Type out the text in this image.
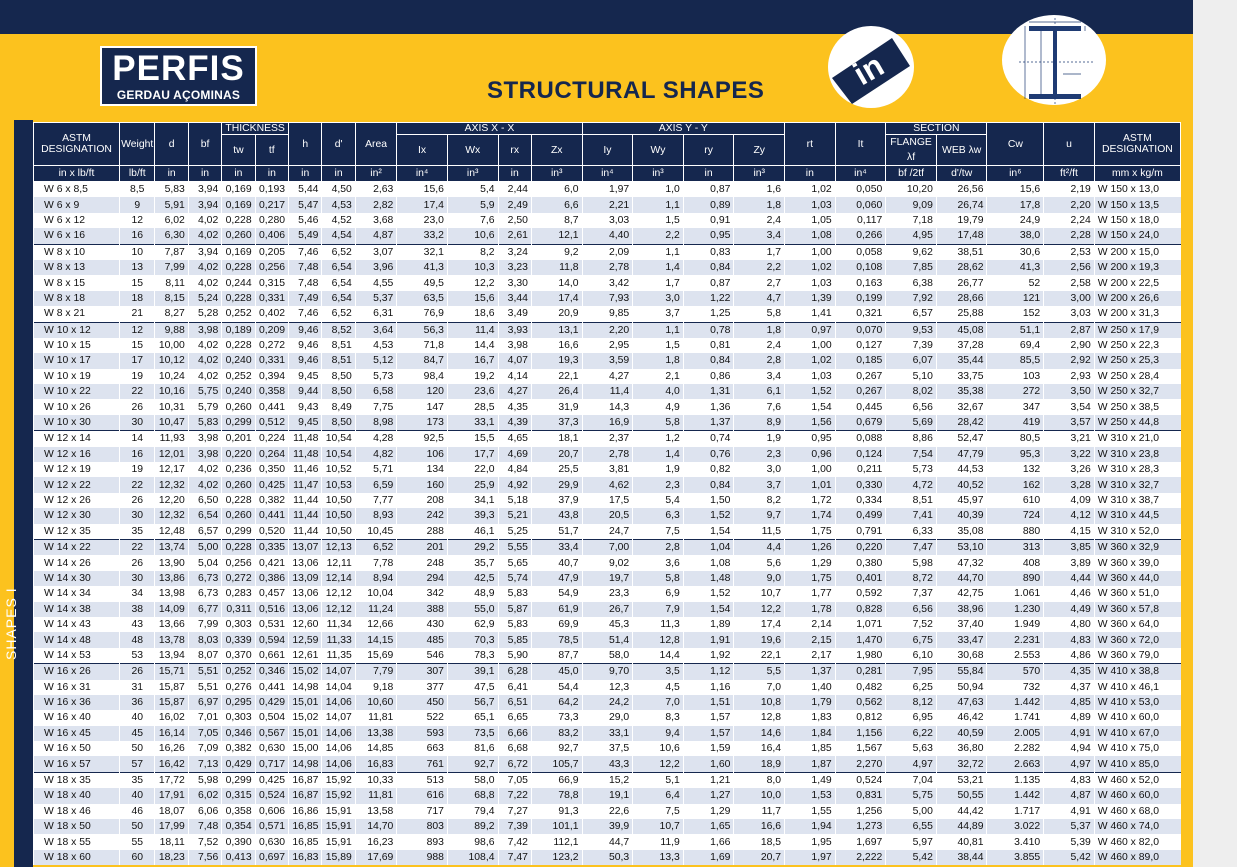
PERFIS
GERDAU AÇOMINAS	STRUCTURAL SHAPES	in
SHAPES I
ASTM
DESIGNATION	Weight	d	bf	THICKNESS		h	d'	Area	AXIS X - X				AXIS Y - Y				rt	It	SECTION		Cw	u	ASTM
DESIGNATION
				tw	tf				Ix	Wx	rx	Zx	Iy	Wy	ry	Zy			FLANGE λf	WEB λw			
in x lb/ft	lb/ft	in	in	in	in	in	in	in²	in⁴	in³	in	in³	in⁴	in³	in	in³	in	in⁴	bf /2tf	d'/tw	in⁶	ft²/ft	mm x kg/m
W 6 x 8,5	8,5	5,83	3,94	0,169	0,193	5,44	4,50	2,63	15,6	5,4	2,44	6,0	1,97	1,0	0,87	1,6	1,02	0,050	10,20	26,56	15,6	2,19	W 150 x 13,0
W 6 x 9	9	5,91	3,94	0,169	0,217	5,47	4,53	2,82	17,4	5,9	2,49	6,6	2,21	1,1	0,89	1,8	1,03	0,060	9,09	26,74	17,8	2,20	W 150 x 13,5
W 6 x 12	12	6,02	4,02	0,228	0,280	5,46	4,52	3,68	23,0	7,6	2,50	8,7	3,03	1,5	0,91	2,4	1,05	0,117	7,18	19,79	24,9	2,24	W 150 x 18,0
W 6 x 16	16	6,30	4,02	0,260	0,406	5,49	4,54	4,87	33,2	10,6	2,61	12,1	4,40	2,2	0,95	3,4	1,08	0,266	4,95	17,48	38,0	2,28	W 150 x 24,0
W 8 x 10	10	7,87	3,94	0,169	0,205	7,46	6,52	3,07	32,1	8,2	3,24	9,2	2,09	1,1	0,83	1,7	1,00	0,058	9,62	38,51	30,6	2,53	W 200 x 15,0
W 8 x 13	13	7,99	4,02	0,228	0,256	7,48	6,54	3,96	41,3	10,3	3,23	11,8	2,78	1,4	0,84	2,2	1,02	0,108	7,85	28,62	41,3	2,56	W 200 x 19,3
W 8 x 15	15	8,11	4,02	0,244	0,315	7,48	6,54	4,55	49,5	12,2	3,30	14,0	3,42	1,7	0,87	2,7	1,03	0,163	6,38	26,77	52	2,58	W 200 x 22,5
W 8 x 18	18	8,15	5,24	0,228	0,331	7,49	6,54	5,37	63,5	15,6	3,44	17,4	7,93	3,0	1,22	4,7	1,39	0,199	7,92	28,66	121	3,00	W 200 x 26,6
W 8 x 21	21	8,27	5,28	0,252	0,402	7,46	6,52	6,31	76,9	18,6	3,49	20,9	9,85	3,7	1,25	5,8	1,41	0,321	6,57	25,88	152	3,03	W 200 x 31,3
W 10 x 12	12	9,88	3,98	0,189	0,209	9,46	8,52	3,64	56,3	11,4	3,93	13,1	2,20	1,1	0,78	1,8	0,97	0,070	9,53	45,08	51,1	2,87	W 250 x 17,9
W 10 x 15	15	10,00	4,02	0,228	0,272	9,46	8,51	4,53	71,8	14,4	3,98	16,6	2,95	1,5	0,81	2,4	1,00	0,127	7,39	37,28	69,4	2,90	W 250 x 22,3
W 10 x 17	17	10,12	4,02	0,240	0,331	9,46	8,51	5,12	84,7	16,7	4,07	19,3	3,59	1,8	0,84	2,8	1,02	0,185	6,07	35,44	85,5	2,92	W 250 x 25,3
W 10 x 19	19	10,24	4,02	0,252	0,394	9,45	8,50	5,73	98,4	19,2	4,14	22,1	4,27	2,1	0,86	3,4	1,03	0,267	5,10	33,75	103	2,93	W 250 x 28,4
W 10 x 22	22	10,16	5,75	0,240	0,358	9,44	8,50	6,58	120	23,6	4,27	26,4	11,4	4,0	1,31	6,1	1,52	0,267	8,02	35,38	272	3,50	W 250 x 32,7
W 10 x 26	26	10,31	5,79	0,260	0,441	9,43	8,49	7,75	147	28,5	4,35	31,9	14,3	4,9	1,36	7,6	1,54	0,445	6,56	32,67	347	3,54	W 250 x 38,5
W 10 x 30	30	10,47	5,83	0,299	0,512	9,45	8,50	8,98	173	33,1	4,39	37,3	16,9	5,8	1,37	8,9	1,56	0,679	5,69	28,42	419	3,57	W 250 x 44,8
W 12 x 14	14	11,93	3,98	0,201	0,224	11,48	10,54	4,28	92,5	15,5	4,65	18,1	2,37	1,2	0,74	1,9	0,95	0,088	8,86	52,47	80,5	3,21	W 310 x 21,0
W 12 x 16	16	12,01	3,98	0,220	0,264	11,48	10,54	4,82	106	17,7	4,69	20,7	2,78	1,4	0,76	2,3	0,96	0,124	7,54	47,79	95,3	3,22	W 310 x 23,8
W 12 x 19	19	12,17	4,02	0,236	0,350	11,46	10,52	5,71	134	22,0	4,84	25,5	3,81	1,9	0,82	3,0	1,00	0,211	5,73	44,53	132	3,26	W 310 x 28,3
W 12 x 22	22	12,32	4,02	0,260	0,425	11,47	10,53	6,59	160	25,9	4,92	29,9	4,62	2,3	0,84	3,7	1,01	0,330	4,72	40,52	162	3,28	W 310 x 32,7
W 12 x 26	26	12,20	6,50	0,228	0,382	11,44	10,50	7,77	208	34,1	5,18	37,9	17,5	5,4	1,50	8,2	1,72	0,334	8,51	45,97	610	4,09	W 310 x 38,7
W 12 x 30	30	12,32	6,54	0,260	0,441	11,44	10,50	8,93	242	39,3	5,21	43,8	20,5	6,3	1,52	9,7	1,74	0,499	7,41	40,39	724	4,12	W 310 x 44,5
W 12 x 35	35	12,48	6,57	0,299	0,520	11,44	10,50	10,45	288	46,1	5,25	51,7	24,7	7,5	1,54	11,5	1,75	0,791	6,33	35,08	880	4,15	W 310 x 52,0
W 14 x 22	22	13,74	5,00	0,228	0,335	13,07	12,13	6,52	201	29,2	5,55	33,4	7,00	2,8	1,04	4,4	1,26	0,220	7,47	53,10	313	3,85	W 360 x 32,9
W 14 x 26	26	13,90	5,04	0,256	0,421	13,06	12,11	7,78	248	35,7	5,65	40,7	9,02	3,6	1,08	5,6	1,29	0,380	5,98	47,32	408	3,89	W 360 x 39,0
W 14 x 30	30	13,86	6,73	0,272	0,386	13,09	12,14	8,94	294	42,5	5,74	47,9	19,7	5,8	1,48	9,0	1,75	0,401	8,72	44,70	890	4,44	W 360 x 44,0
W 14 x 34	34	13,98	6,73	0,283	0,457	13,06	12,12	10,04	342	48,9	5,83	54,9	23,3	6,9	1,52	10,7	1,77	0,592	7,37	42,75	1.061	4,46	W 360 x 51,0
W 14 x 38	38	14,09	6,77	0,311	0,516	13,06	12,12	11,24	388	55,0	5,87	61,9	26,7	7,9	1,54	12,2	1,78	0,828	6,56	38,96	1.230	4,49	W 360 x 57,8
W 14 x 43	43	13,66	7,99	0,303	0,531	12,60	11,34	12,66	430	62,9	5,83	69,9	45,3	11,3	1,89	17,4	2,14	1,071	7,52	37,40	1.949	4,80	W 360 x 64,0
W 14 x 48	48	13,78	8,03	0,339	0,594	12,59	11,33	14,15	485	70,3	5,85	78,5	51,4	12,8	1,91	19,6	2,15	1,470	6,75	33,47	2.231	4,83	W 360 x 72,0
W 14 x 53	53	13,94	8,07	0,370	0,661	12,61	11,35	15,69	546	78,3	5,90	87,7	58,0	14,4	1,92	22,1	2,17	1,980	6,10	30,68	2.553	4,86	W 360 x 79,0
W 16 x 26	26	15,71	5,51	0,252	0,346	15,02	14,07	7,79	307	39,1	6,28	45,0	9,70	3,5	1,12	5,5	1,37	0,281	7,95	55,84	570	4,35	W 410 x 38,8
W 16 x 31	31	15,87	5,51	0,276	0,441	14,98	14,04	9,18	377	47,5	6,41	54,4	12,3	4,5	1,16	7,0	1,40	0,482	6,25	50,94	732	4,37	W 410 x 46,1
W 16 x 36	36	15,87	6,97	0,295	0,429	15,01	14,06	10,60	450	56,7	6,51	64,2	24,2	7,0	1,51	10,8	1,79	0,562	8,12	47,63	1.442	4,85	W 410 x 53,0
W 16 x 40	40	16,02	7,01	0,303	0,504	15,02	14,07	11,81	522	65,1	6,65	73,3	29,0	8,3	1,57	12,8	1,83	0,812	6,95	46,42	1.741	4,89	W 410 x 60,0
W 16 x 45	45	16,14	7,05	0,346	0,567	15,01	14,06	13,38	593	73,5	6,66	83,2	33,1	9,4	1,57	14,6	1,84	1,156	6,22	40,59	2.005	4,91	W 410 x 67,0
W 16 x 50	50	16,26	7,09	0,382	0,630	15,00	14,06	14,85	663	81,6	6,68	92,7	37,5	10,6	1,59	16,4	1,85	1,567	5,63	36,80	2.282	4,94	W 410 x 75,0
W 16 x 57	57	16,42	7,13	0,429	0,717	14,98	14,06	16,83	761	92,7	6,72	105,7	43,3	12,2	1,60	18,9	1,87	2,270	4,97	32,72	2.663	4,97	W 410 x 85,0
W 18 x 35	35	17,72	5,98	0,299	0,425	16,87	15,92	10,33	513	58,0	7,05	66,9	15,2	5,1	1,21	8,0	1,49	0,524	7,04	53,21	1.135	4,83	W 460 x 52,0
W 18 x 40	40	17,91	6,02	0,315	0,524	16,87	15,92	11,81	616	68,8	7,22	78,8	19,1	6,4	1,27	10,0	1,53	0,831	5,75	50,55	1.442	4,87	W 460 x 60,0
W 18 x 46	46	18,07	6,06	0,358	0,606	16,86	15,91	13,58	717	79,4	7,27	91,3	22,6	7,5	1,29	11,7	1,55	1,256	5,00	44,42	1.717	4,91	W 460 x 68,0
W 18 x 50	50	17,99	7,48	0,354	0,571	16,85	15,91	14,70	803	89,2	7,39	101,1	39,9	10,7	1,65	16,6	1,94	1,273	6,55	44,89	3.022	5,37	W 460 x 74,0
W 18 x 55	55	18,11	7,52	0,390	0,630	16,85	15,91	16,23	893	98,6	7,42	112,1	44,7	11,9	1,66	18,5	1,95	1,697	5,97	40,81	3.410	5,39	W 460 x 82,0
W 18 x 60	60	18,23	7,56	0,413	0,697	16,83	15,89	17,69	988	108,4	7,47	123,2	50,3	13,3	1,69	20,7	1,97	2,222	5,42	38,44	3.855	5,42	W 460 x 89,0
